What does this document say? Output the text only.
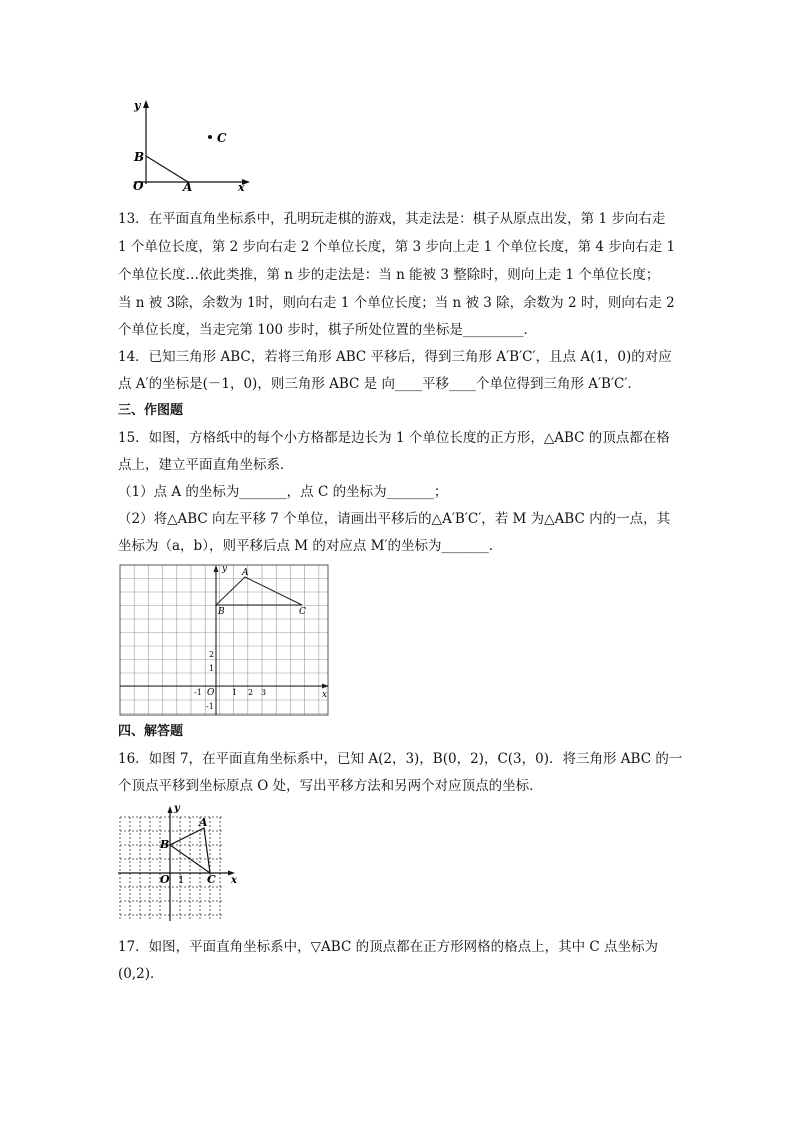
y
x
O	A
B
C
13．在平面直角坐标系中，孔明玩走棋的游戏，其走法是：棋子从原点出发，第 1 步向右走
1 个单位长度，第 2 步向右走 2 个单位长度，第 3 步向上走 1 个单位长度，第 4 步向右走 1
个单位长度…依此类推，第 n 步的走法是：当 n 能被 3 整除时，则向上走 1 个单位长度；
当 n 被 3除，余数为 1时，则向右走 1 个单位长度；当 n 被 3 除，余数为 2 时，则向右走 2
个单位长度，当走完第 100 步时，棋子所处位置的坐标是_________．
14．已知三角形 ABC，若将三角形 ABC 平移后，得到三角形 A′B′C′，且点 A(1，0)的对应
点 A′的坐标是(－1，0)，则三角形 ABC 是 向____平移____个单位得到三角形 A′B′C′．
三、作图题
15．如图，方格纸中的每个小方格都是边长为 1 个单位长度的正方形，△ABC 的顶点都在格
点上，建立平面直角坐标系．
（1）点 A 的坐标为_______，点 C 的坐标为_______；
（2）将△ABC 向左平移 7 个单位，请画出平移后的△A′B′C′，若 M 为△ABC 内的一点，其
坐标为（a，b），则平移后点 M 的对应点 M′的坐标为_______．
y
x
A
B	C
O
-1	1 2 3
2
1
-1
四、解答题
16．如图 7，在平面直角坐标系中，已知 A(2，3)，B(0，2)，C(3，0)．将三角形 ABC 的一
个顶点平移到坐标原点 O 处，写出平移方法和另两个对应顶点的坐标．
y
x
O 1
A
B
C
17．如图，平面直角坐标系中，▽ABC 的顶点都在正方形网格的格点上，其中 C 点坐标为
(0,2)．
